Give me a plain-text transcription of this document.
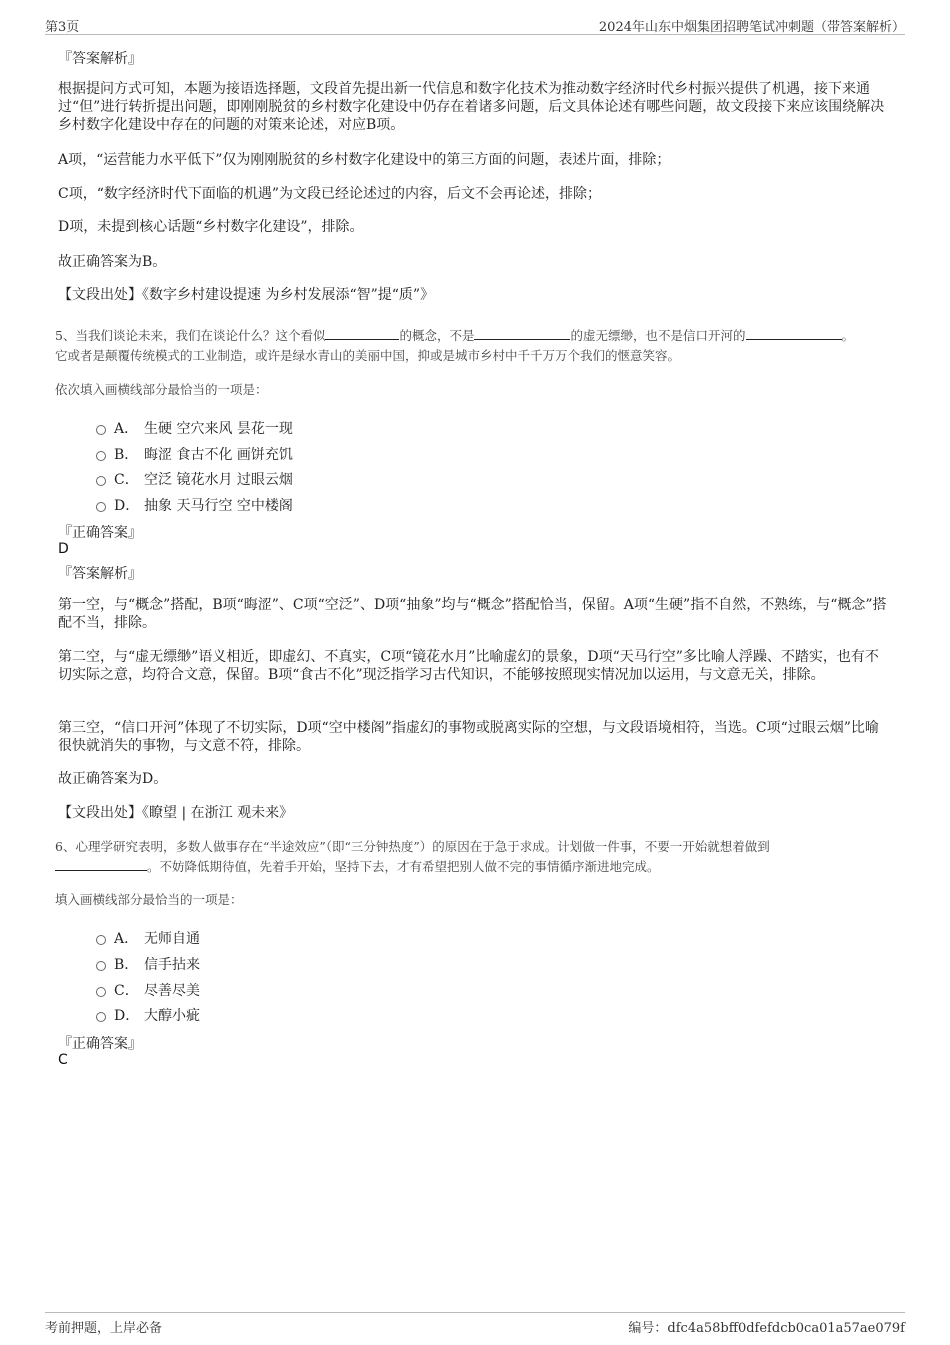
第3页	2024年山东中烟集团招聘笔试冲刺题（带答案解析）
『答案解析』
根据提问方式可知，本题为接语选择题，文段首先提出新一代信息和数字化技术为推动数字经济时代乡村振兴提供了机遇，接下来通过“但”进行转折提出问题，即刚刚脱贫的乡村数字化建设中仍存在着诸多问题，后文具体论述有哪些问题，故文段接下来应该围绕解决乡村数字化建设中存在的问题的对策来论述，对应B项。
A项，“运营能力水平低下”仅为刚刚脱贫的乡村数字化建设中的第三方面的问题，表述片面，排除；
C项，“数字经济时代下面临的机遇”为文段已经论述过的内容，后文不会再论述，排除；
D项，未提到核心话题“乡村数字化建设”，排除。
故正确答案为B。
【文段出处】《数字乡村建设提速 为乡村发展添“智”提“质”》
5、当我们谈论未来，我们在谈论什么？这个看似	的概念，不是	的虚无缥缈，也不是信口开河的	。
它或者是颠覆传统模式的工业制造，或许是绿水青山的美丽中国，抑或是城市乡村中千千万万个我们的惬意笑容。
依次填入画横线部分最恰当的一项是：
A． 生硬 空穴来风 昙花一现
B． 晦涩 食古不化 画饼充饥
C． 空泛 镜花水月 过眼云烟
D． 抽象 天马行空 空中楼阁
『正确答案』
D
『答案解析』
第一空，与“概念”搭配，B项“晦涩”、C项“空泛”、D项“抽象”均与“概念”搭配恰当，保留。A项“生硬”指不自然，不熟练，与“概念”搭配不当，排除。
第二空，与“虚无缥缈”语义相近，即虚幻、不真实，C项“镜花水月”比喻虚幻的景象，D项“天马行空”多比喻人浮躁、不踏实，也有不切实际之意，均符合文意，保留。B项“食古不化”现泛指学习古代知识，不能够按照现实情况加以运用，与文意无关，排除。
第三空，“信口开河”体现了不切实际，D项“空中楼阁”指虚幻的事物或脱离实际的空想，与文段语境相符，当选。C项“过眼云烟”比喻很快就消失的事物，与文意不符，排除。
故正确答案为D。
【文段出处】《瞭望 | 在浙江 观未来》
6、心理学研究表明，多数人做事存在“半途效应”（即“三分钟热度”）的原因在于急于求成。计划做一件事，不要一开始就想着做到
。不妨降低期待值，先着手开始，坚持下去，才有希望把别人做不完的事情循序渐进地完成。
填入画横线部分最恰当的一项是：
A． 无师自通
B． 信手拈来
C． 尽善尽美
D． 大醇小疵
『正确答案』
C
考前押题，上岸必备	编号：dfc4a58bff0dfefdcb0ca01a57ae079f
